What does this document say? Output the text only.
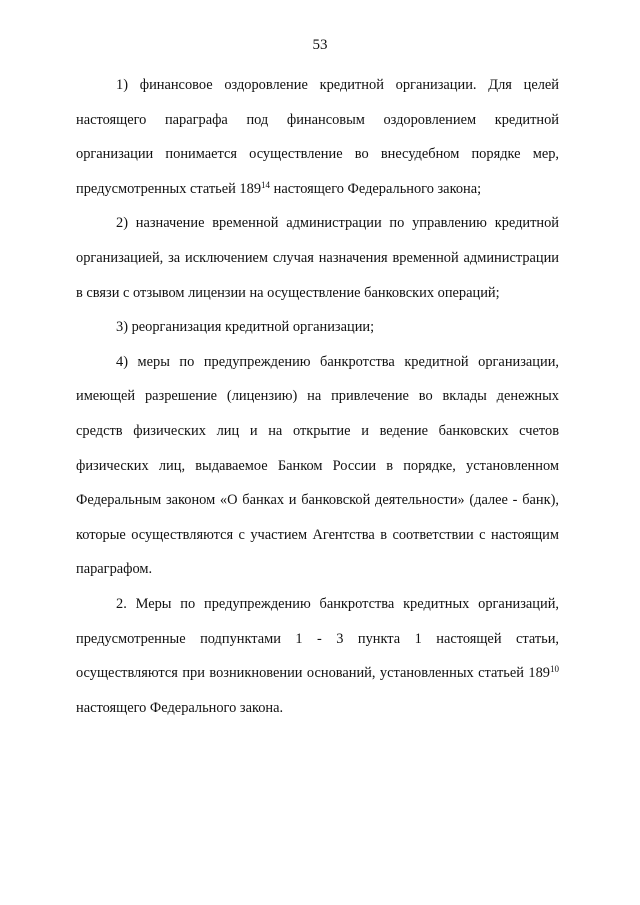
53

1) финансовое оздоровление кредитной организации. Для целей настоящего параграфа под финансовым оздоровлением кредитной организации понимается осуществление во внесудебном порядке мер, предусмотренных статьей $189^{14}$ настоящего Федерального закона;

2) назначение временной администрации по управлению кредитной организацией, за исключением случая назначения временной администрации в связи с отзывом лицензии на осуществление банковских операций;

3) реорганизация кредитной организации;

4) меры по предупреждению банкротства кредитной организации, имеющей разрешение (лицензию) на привлечение во вклады денежных средств физических лиц и на открытие и ведение банковских счетов физических лиц, выдаваемое Банком России в порядке, установленном Федеральным законом «О банках и банковской деятельности» (далее - банк), которые осуществляются с участием Агентства в соответствии с настоящим параграфом.

2. Меры по предупреждению банкротства кредитных организаций, предусмотренные подпунктами 1 - 3 пункта 1 настоящей статьи, осуществляются при возникновении оснований, установленных статьей $189^{10}$ настоящего Федерального закона.
